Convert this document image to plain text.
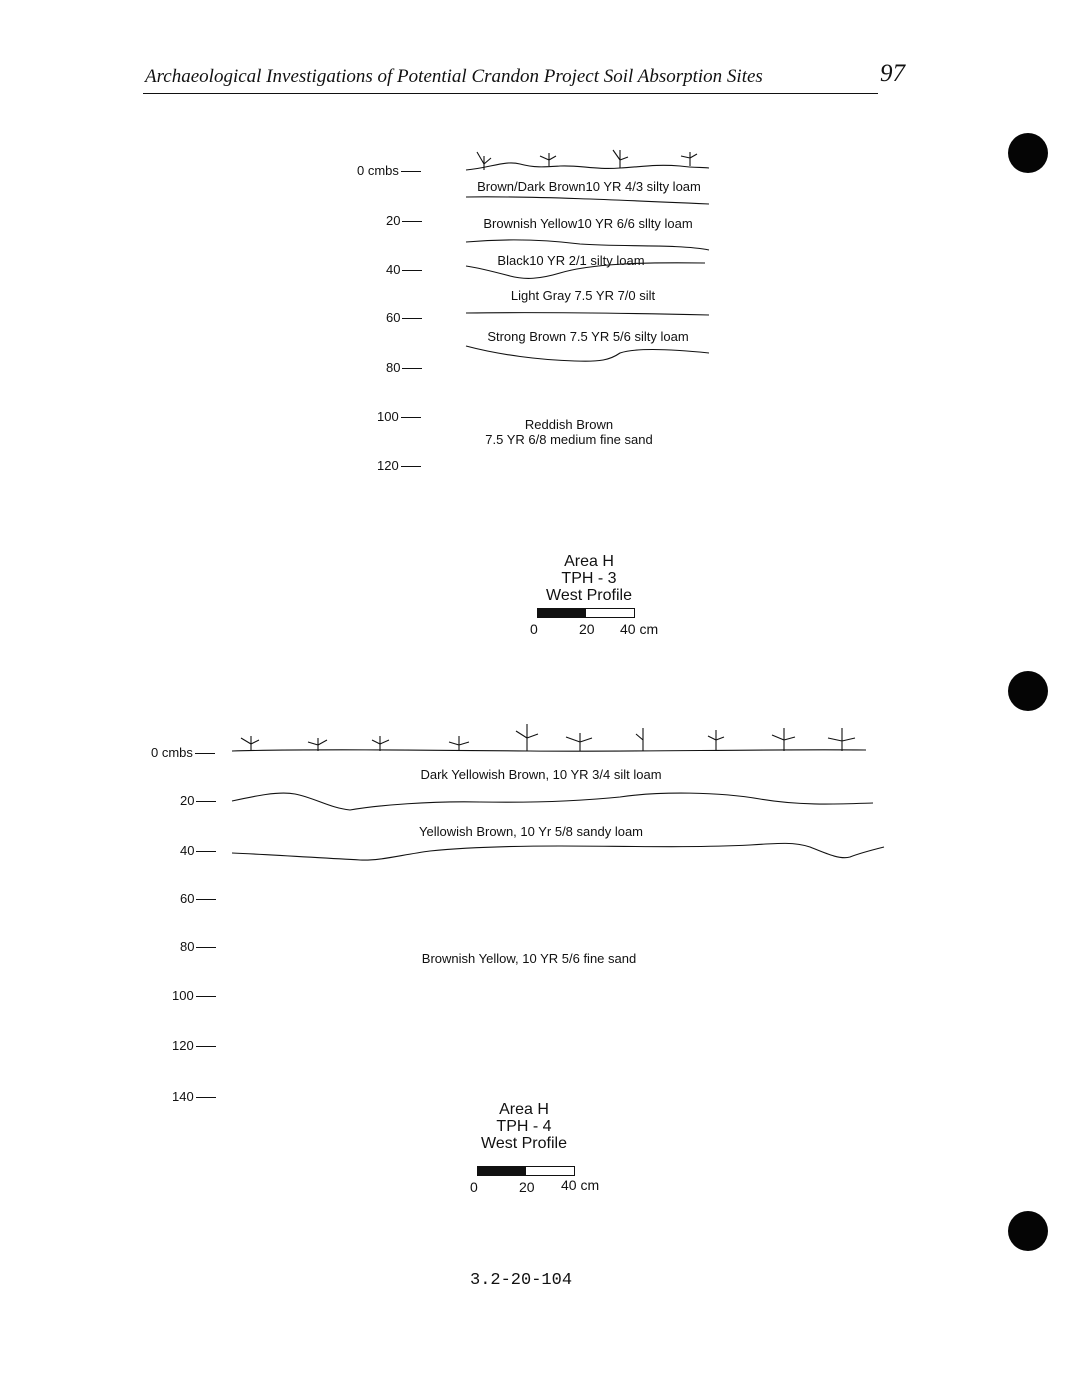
Archaeological Investigations of Potential Crandon Project Soil Absorption Sites	97
0 cmbs
20
40
60
80
100
120
Brown/Dark Brown10 YR 4/3 silty loam
Brownish Yellow10 YR 6/6 sllty loam
Black10 YR 2/1 silty loam
Light Gray 7.5 YR 7/0 silt
Strong Brown 7.5 YR 5/6 silty loam
Reddish Brown
7.5 YR 6/8 medium fine sand
Area H
TPH - 3
West Profile
0	20 40 cm
0 cmbs
20
40
60
80
100
120
140
Dark Yellowish Brown, 10 YR 3/4 silt loam
Yellowish Brown, 10 Yr 5/8 sandy loam
Brownish Yellow, 10 YR 5/6 fine sand
Area H
TPH - 4
West Profile
0	20 40 cm
3.2-20-104
